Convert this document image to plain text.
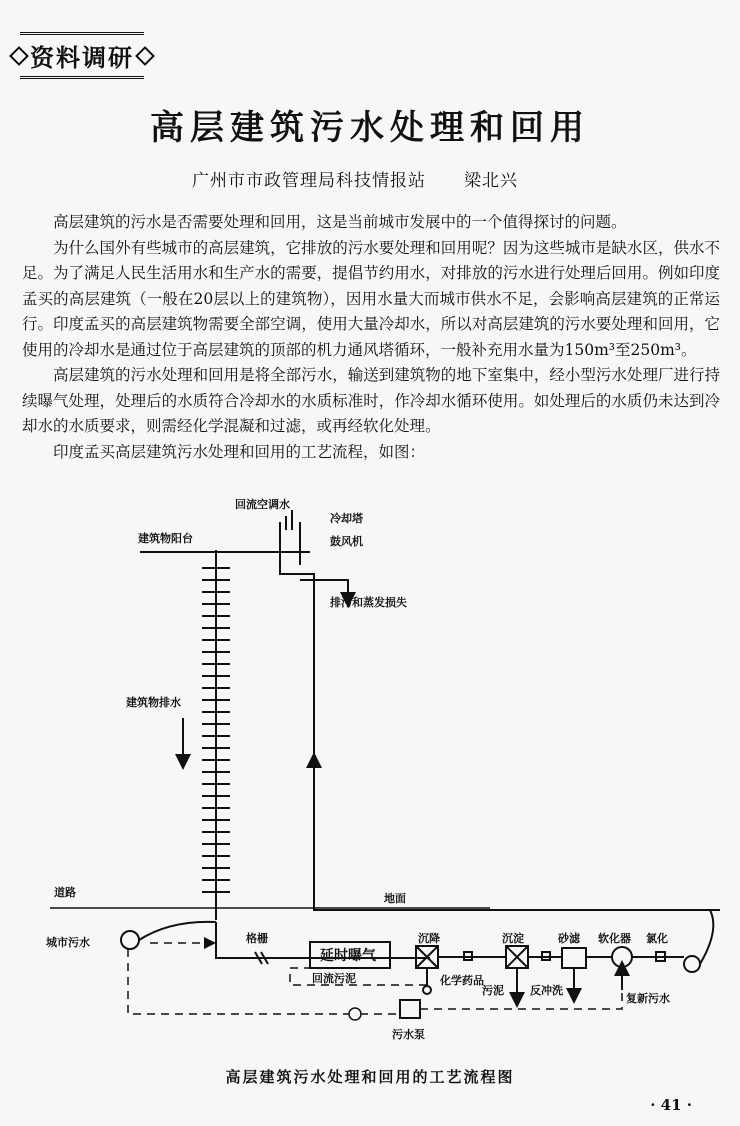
资料调研
高层建筑污水处理和回用
广州市市政管理局科技情报站 梁北兴

高层建筑的污水是否需要处理和回用，这是当前城市发展中的一个值得探讨的问题。

为什么国外有些城市的高层建筑，它排放的污水要处理和回用呢？因为这些城市是缺水区，供水不足。为了满足人民生活用水和生产水的需要，提倡节约用水，对排放的污水进行处理后回用。例如印度孟买的高层建筑（一般在20层以上的建筑物），因用水量大而城市供水不足，会影响高层建筑的正常运行。印度孟买的高层建筑物需要全部空调，使用大量冷却水，所以对高层建筑的污水要处理和回用，它使用的冷却水是通过位于高层建筑的顶部的机力通风塔循环，一般补充用水量为150m³至250m³。

高层建筑的污水处理和回用是将全部污水，输送到建筑物的地下室集中，经小型污水处理厂进行持续曝气处理，处理后的水质符合冷却水的水质标准时，作冷却水循环使用。如处理后的水质仍未达到冷却水的水质要求，则需经化学混凝和过滤，或再经软化处理。

印度孟买高层建筑污水处理和回用的工艺流程，如图：

回流空调水
冷却塔
鼓风机
建筑物阳台
排污和蒸发损失
建筑物排水
道路	地面
城市污水	格栅
延时曝气
沉降	沉淀	砂滤 软化器 氯化
回流污泥	化学药品
污泥 反冲洗
复新污水
污水泵
高层建筑污水处理和回用的工艺流程图
· 41 ·
